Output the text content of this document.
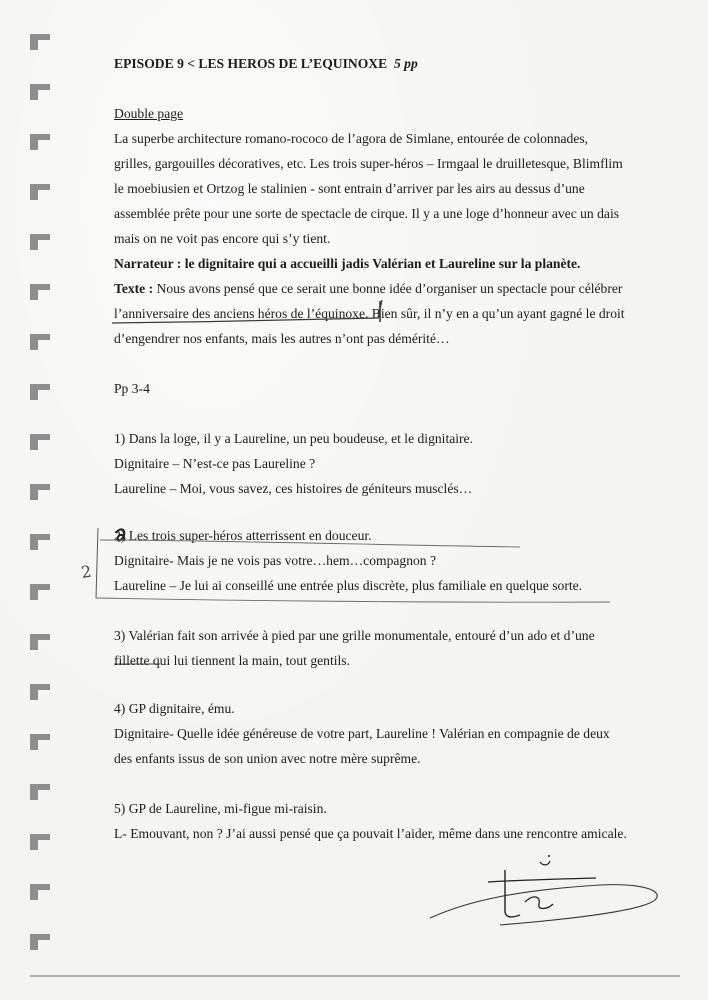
EPISODE 9 < LES HEROS DE L’EQUINOXE 5 pp
Double page
La superbe architecture romano-rococo de l’agora de Simlane, entourée de colonnades,
grilles, gargouilles décoratives, etc. Les trois super-héros – Irmgaal le druilletesque, Blimflim
le moebiusien et Ortzog le stalinien - sont entrain d’arriver par les airs au dessus d’une
assemblée prête pour une sorte de spectacle de cirque. Il y a une loge d’honneur avec un dais
mais on ne voit pas encore qui s’y tient.
Narrateur : le dignitaire qui a accueilli jadis Valérian et Laureline sur la planète.
Texte : Nous avons pensé que ce serait une bonne idée d’organiser un spectacle pour célébrer
l’anniversaire des anciens héros de l’équinoxe. Bien sûr, il n’y en a qu’un ayant gagné le droit
d’engendrer nos enfants, mais les autres n’ont pas démérité…
Pp 3-4
1) Dans la loge, il y a Laureline, un peu boudeuse, et le dignitaire.
Dignitaire – N’est-ce pas Laureline ?
Laureline – Moi, vous savez, ces histoires de géniteurs musclés…
2) Les trois super-héros atterrissent en douceur.
Dignitaire- Mais je ne vois pas votre…hem…compagnon ?
Laureline – Je lui ai conseillé une entrée plus discrète, plus familiale en quelque sorte.
3) Valérian fait son arrivée à pied par une grille monumentale, entouré d’un ado et d’une
fillette qui lui tiennent la main, tout gentils.
4) GP dignitaire, ému.
Dignitaire- Quelle idée généreuse de votre part, Laureline ! Valérian en compagnie de deux
des enfants issus de son union avec notre mère suprême.
5) GP de Laureline, mi-figue mi-raisin.
L- Emouvant, non ? J’ai aussi pensé que ça pouvait l’aider, même dans une rencontre amicale.
2
